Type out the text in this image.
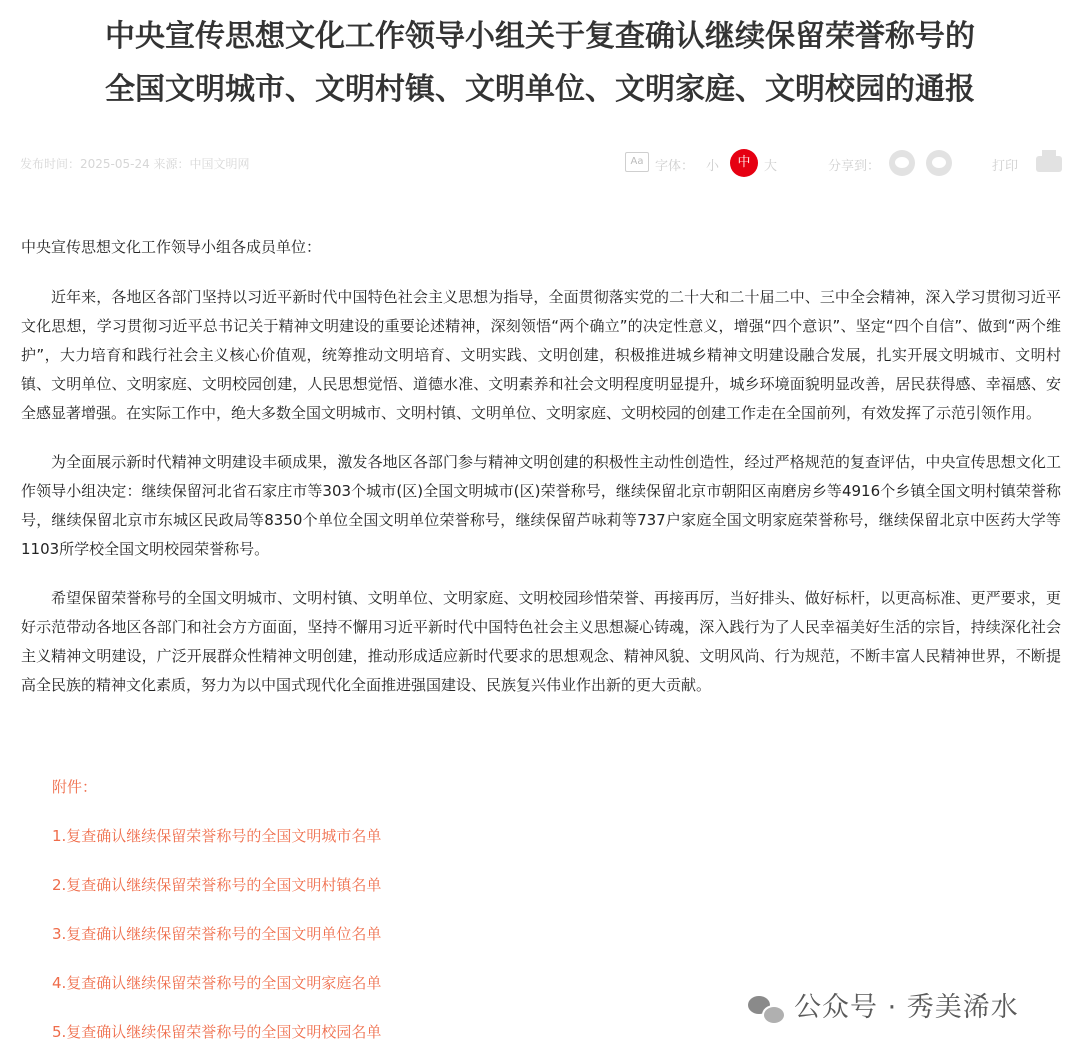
中央宣传思想文化工作领导小组关于复查确认继续保留荣誉称号的
全国文明城市、文明村镇、文明单位、文明家庭、文明校园的通报
发布时间：2025-05-24 来源：中国文明网	Aa 字体： 小	中	大	分享到：	打印

中央宣传思想文化工作领导小组各成员单位：

近年来，各地区各部门坚持以习近平新时代中国特色社会主义思想为指导，全面贯彻落实党的二十大和二十届二中、三中全会精神，深入学习贯彻习近平文化思想，学习贯彻习近平总书记关于精神文明建设的重要论述精神，深刻领悟“两个确立”的决定性意义，增强“四个意识”、坚定“四个自信”、做到“两个维护”，大力培育和践行社会主义核心价值观，统筹推动文明培育、文明实践、文明创建，积极推进城乡精神文明建设融合发展，扎实开展文明城市、文明村镇、文明单位、文明家庭、文明校园创建，人民思想觉悟、道德水准、文明素养和社会文明程度明显提升，城乡环境面貌明显改善，居民获得感、幸福感、安全感显著增强。在实际工作中，绝大多数全国文明城市、文明村镇、文明单位、文明家庭、文明校园的创建工作走在全国前列，有效发挥了示范引领作用。

为全面展示新时代精神文明建设丰硕成果，激发各地区各部门参与精神文明创建的积极性主动性创造性，经过严格规范的复查评估，中央宣传思想文化工作领导小组决定：继续保留河北省石家庄市等303个城市(区)全国文明城市(区)荣誉称号，继续保留北京市朝阳区南磨房乡等4916个乡镇全国文明村镇荣誉称号，继续保留北京市东城区民政局等8350个单位全国文明单位荣誉称号，继续保留芦咏莉等737户家庭全国文明家庭荣誉称号，继续保留北京中医药大学等1103所学校全国文明校园荣誉称号。

希望保留荣誉称号的全国文明城市、文明村镇、文明单位、文明家庭、文明校园珍惜荣誉、再接再厉，当好排头、做好标杆，以更高标准、更严要求，更好示范带动各地区各部门和社会方方面面，坚持不懈用习近平新时代中国特色社会主义思想凝心铸魂，深入践行为了人民幸福美好生活的宗旨，持续深化社会主义精神文明建设，广泛开展群众性精神文明创建，推动形成适应新时代要求的思想观念、精神风貌、文明风尚、行为规范，不断丰富人民精神世界，不断提高全民族的精神文化素质，努力为以中国式现代化全面推进强国建设、民族复兴伟业作出新的更大贡献。

附件：
1.复查确认继续保留荣誉称号的全国文明城市名单
2.复查确认继续保留荣誉称号的全国文明村镇名单
3.复查确认继续保留荣誉称号的全国文明单位名单
4.复查确认继续保留荣誉称号的全国文明家庭名单
5.复查确认继续保留荣誉称号的全国文明校园名单
公众号 · 秀美浠水
